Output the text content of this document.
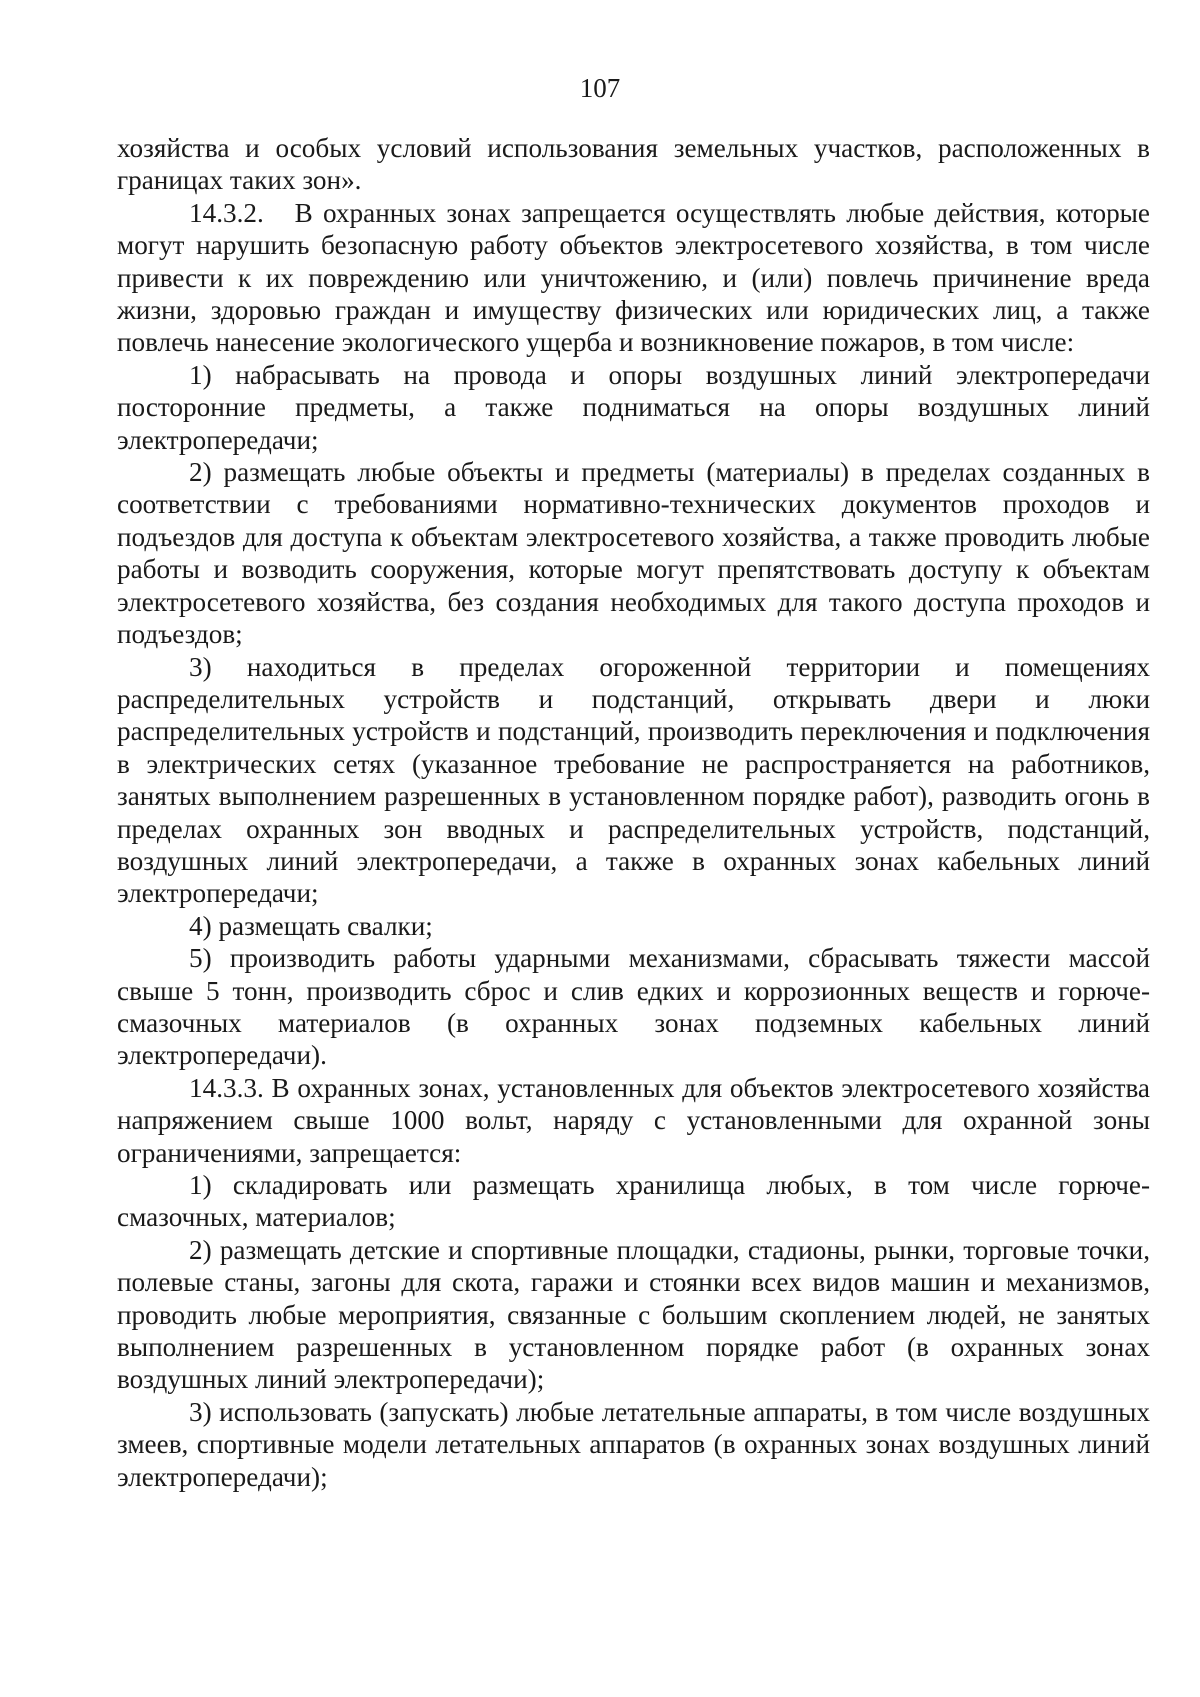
107

хозяйства и особых условий использования земельных участков, расположенных в границах таких зон».

14.3.2.   В охранных зонах запрещается осуществлять любые действия, которые могут нарушить безопасную работу объектов электросетевого хозяйства, в том числе привести к их повреждению или уничтожению, и (или) повлечь причинение вреда жизни, здоровью граждан и имуществу физических или юридических лиц, а также повлечь нанесение экологического ущерба и возникновение пожаров, в том числе:

1) набрасывать на провода и опоры воздушных линий электропередачи посторонние предметы, а также подниматься на опоры воздушных линий электропередачи;

2) размещать любые объекты и предметы (материалы) в пределах созданных в соответствии с требованиями нормативно-технических документов проходов и подъездов для доступа к объектам электросетевого хозяйства, а также проводить любые работы и возводить сооружения, которые могут препятствовать доступу к объектам электросетевого хозяйства, без создания необходимых для такого доступа проходов и подъездов;

3) находиться в пределах огороженной территории и помещениях распределительных устройств и подстанций, открывать двери и люки распределительных устройств и подстанций, производить переключения и подключения в электрических сетях (указанное требование не распространяется на работников, занятых выполнением разрешенных в установленном порядке работ), разводить огонь в пределах охранных зон вводных и распределительных устройств, подстанций, воздушных линий электропередачи, а также в охранных зонах кабельных линий электропередачи;

4) размещать свалки;

5) производить работы ударными механизмами, сбрасывать тяжести массой свыше 5 тонн, производить сброс и слив едких и коррозионных веществ и горюче-смазочных материалов (в охранных зонах подземных кабельных линий электропередачи).

14.3.3. В охранных зонах, установленных для объектов электросетевого хозяйства напряжением свыше 1000 вольт, наряду с установленными для охранной зоны ограничениями, запрещается:

1) складировать или размещать хранилища любых, в том числе горюче-смазочных, материалов;

2) размещать детские и спортивные площадки, стадионы, рынки, торговые точки, полевые станы, загоны для скота, гаражи и стоянки всех видов машин и механизмов, проводить любые мероприятия, связанные с большим скоплением людей, не занятых выполнением разрешенных в установленном порядке работ (в охранных зонах воздушных линий электропередачи);

3) использовать (запускать) любые летательные аппараты, в том числе воздушных змеев, спортивные модели летательных аппаратов (в охранных зонах воздушных линий электропередачи);
